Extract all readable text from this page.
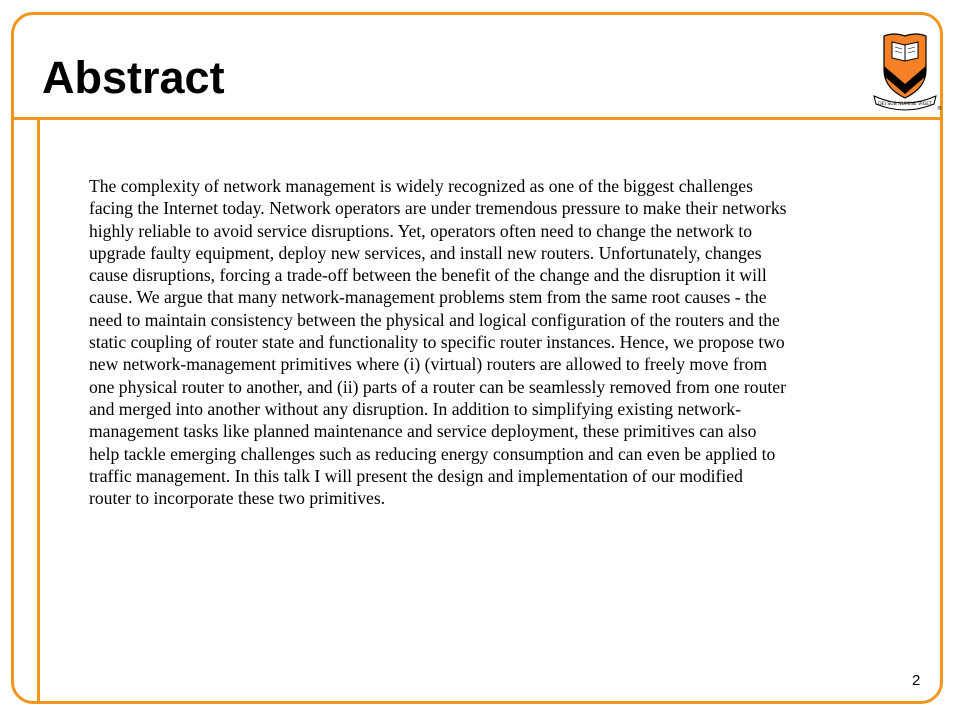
Abstract
DEI SUB NUMINE VIGET
®

The complexity of network management is widely recognized as one of the biggest challenges facing the Internet today. Network operators are under tremendous pressure to make their networks highly reliable to avoid service disruptions. Yet, operators often need to change the network to upgrade faulty equipment, deploy new services, and install new routers. Unfortunately, changes cause disruptions, forcing a trade-off between the benefit of the change and the disruption it will cause. We argue that many network-management problems stem from the same root causes - the need to maintain consistency between the physical and logical configuration of the routers and the static coupling of router state and functionality to specific router instances. Hence, we propose two new network-management primitives where (i) (virtual) routers are allowed to freely move from one physical router to another, and (ii) parts of a router can be seamlessly removed from one router and merged into another without any disruption. In addition to simplifying existing network-management tasks like planned maintenance and service deployment, these primitives can also help tackle emerging challenges such as reducing energy consumption and can even be applied to traffic management. In this talk I will present the design and implementation of our modified router to incorporate these two primitives.

2
